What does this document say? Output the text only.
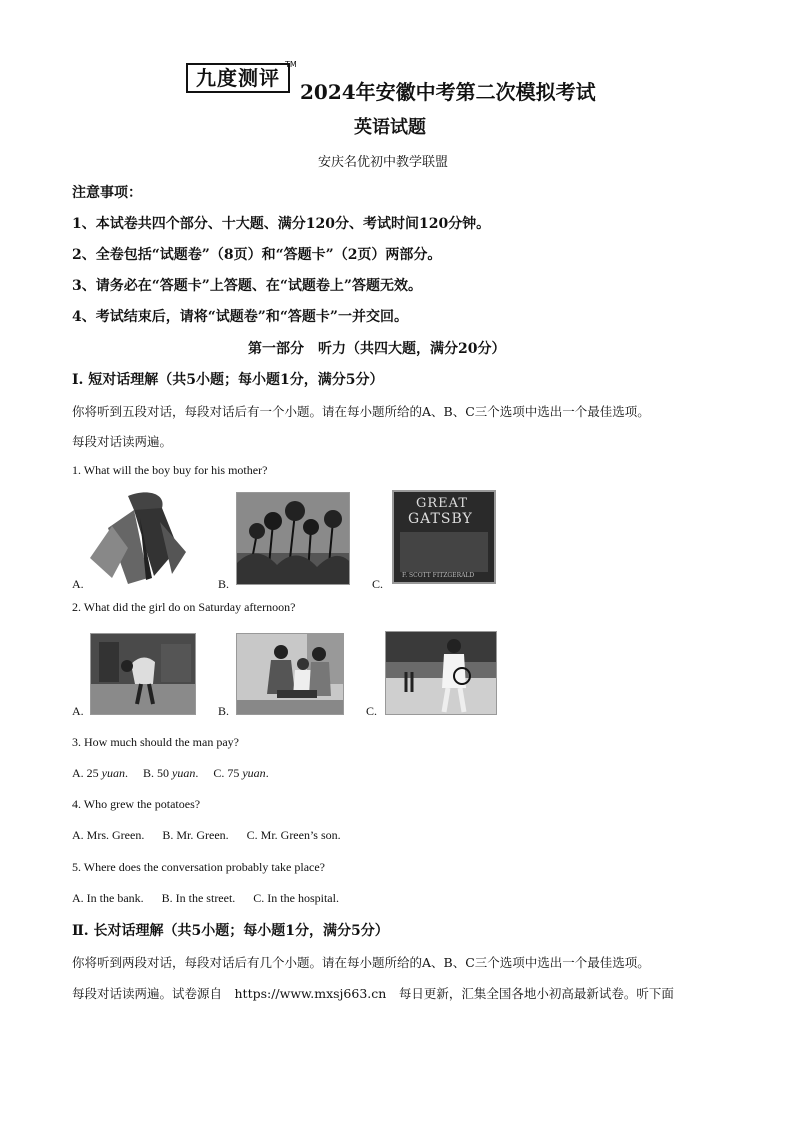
九度测评
TM
2024年安徽中考第二次模拟考试
英语试题
安庆名优初中教学联盟
注意事项：
1、本试卷共四个部分、十大题、满分120分、考试时间120分钟。
2、全卷包括“试题卷”（8页）和“答题卡”（2页）两部分。
3、请务必在“答题卡”上答题、在“试题卷上”答题无效。
4、考试结束后，请将“试题卷”和“答题卡”一并交回。
第一部分　听力（共四大题，满分20分）
Ⅰ. 短对话理解（共5小题；每小题1分，满分5分）
你将听到五段对话，每段对话后有一个小题。请在每小题所给的A、B、C三个选项中选出一个最佳选项。
每段对话读两遍。
1. What will the boy buy for his mother?
A.	B.
GREAT
GATSBY
F. SCOTT FITZGERALD
C.
2. What did the girl do on Saturday afternoon?
A.	B.	C.
3. How much should the man pay?
A. 25 yuan.     B. 50 yuan.     C. 75 yuan.
4. Who grew the potatoes?
A. Mrs. Green.      B. Mr. Green.      C. Mr. Green’s son.
5. Where does the conversation probably take place?
A. In the bank.      B. In the street.      C. In the hospital.
Ⅱ. 长对话理解（共5小题；每小题1分，满分5分）
你将听到两段对话，每段对话后有几个小题。请在每小题所给的A、B、C三个选项中选出一个最佳选项。
每段对话读两遍。试卷源自　https://www.mxsj663.cn　每日更新，汇集全国各地小初高最新试卷。听下面
